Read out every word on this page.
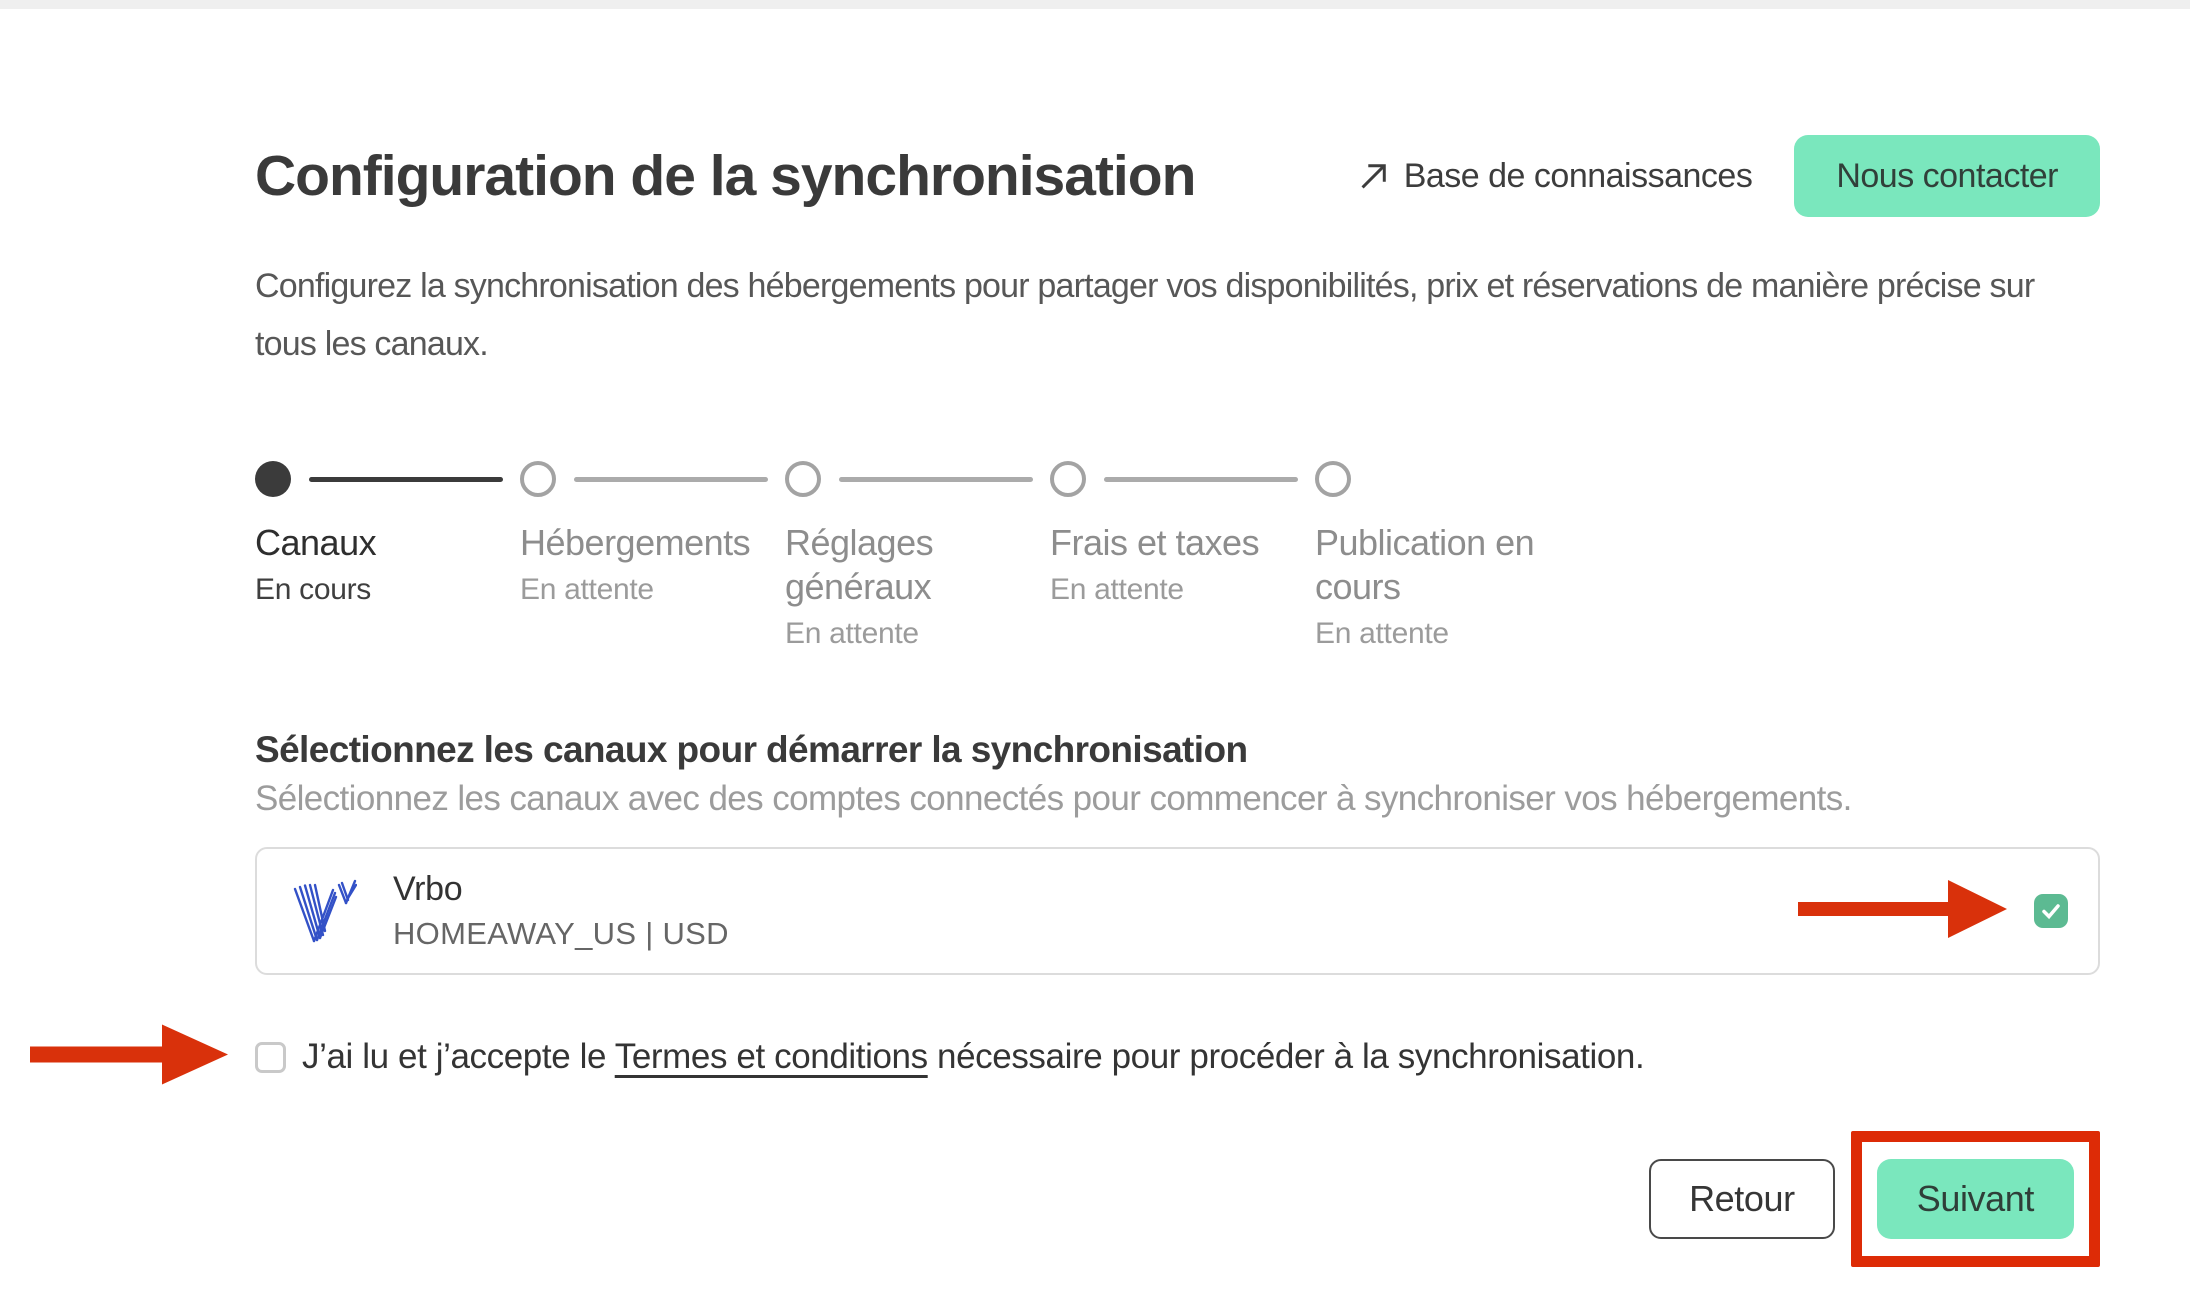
Configuration de la synchronisation	Base de connaissances	Nous contacter
Configurez la synchronisation des hébergements pour partager vos disponibilités, prix et réservations de manière précise sur tous les canaux.
Canaux
En cours
Hébergements
En attente
Réglages généraux
En attente
Frais et taxes
En attente
Publication en cours
En attente
Sélectionnez les canaux pour démarrer la synchronisation
Sélectionnez les canaux avec des comptes connectés pour commencer à synchroniser vos hébergements.
Vrbo
HOMEAWAY_US | USD
J’ai lu et j’accepte le Termes et conditions nécessaire pour procéder à la synchronisation.
Retour	Suivant
